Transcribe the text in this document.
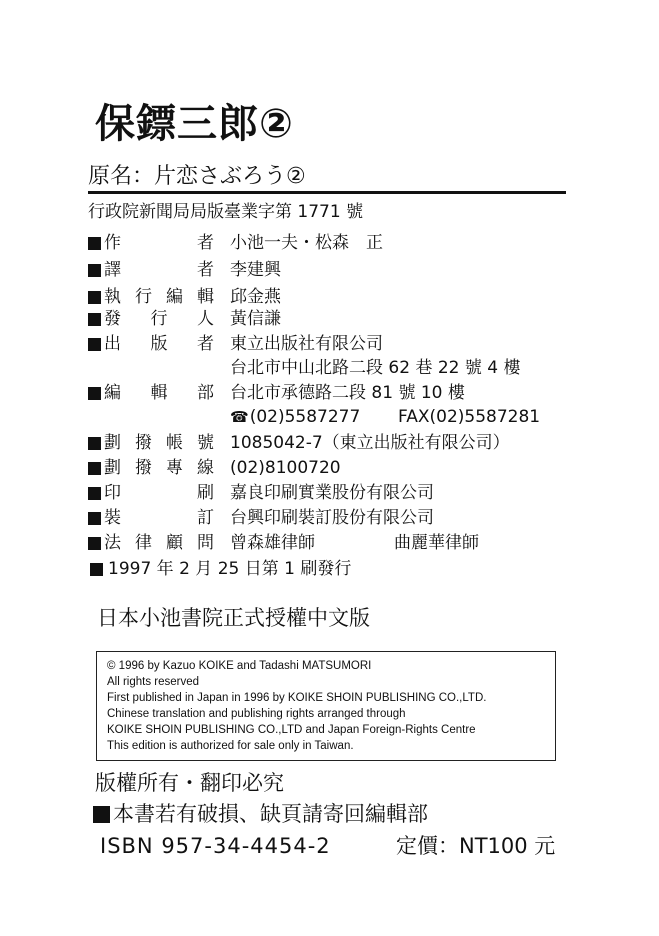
保鏢三郎②
原名：片恋さぶろう②
行政院新聞局局版臺業字第 1771 號
作　　者 小池一夫・松森　正
譯　　者 李建興
執行編輯 邱金燕
發 行 人 黃信謙
出 版 者 東立出版社有限公司
台北市中山北路二段 62 巷 22 號 4 樓
編 輯 部 台北市承德路二段 81 號 10 樓
☎(02)5587277 FAX(02)5587281
劃撥帳號 1085042-7（東立出版社有限公司）
劃撥專線 (02)8100720
印　　刷 嘉良印刷實業股份有限公司
裝　　訂 台興印刷裝訂股份有限公司
法律顧問 曾森雄律師	曲麗華律師
1997 年 2 月 25 日第 1 刷發行
日本小池書院正式授權中文版
© 1996 by Kazuo KOIKE and Tadashi MATSUMORI
All rights reserved
First published in Japan in 1996 by KOIKE SHOIN PUBLISHING CO.,LTD.
Chinese translation and publishing rights arranged through
KOIKE SHOIN PUBLISHING CO.,LTD and Japan Foreign-Rights Centre
This edition is authorized for sale only in Taiwan.
版權所有・翻印必究
本書若有破損、缺頁請寄回編輯部
ISBN 957-34-4454-2	定價：NT100 元
